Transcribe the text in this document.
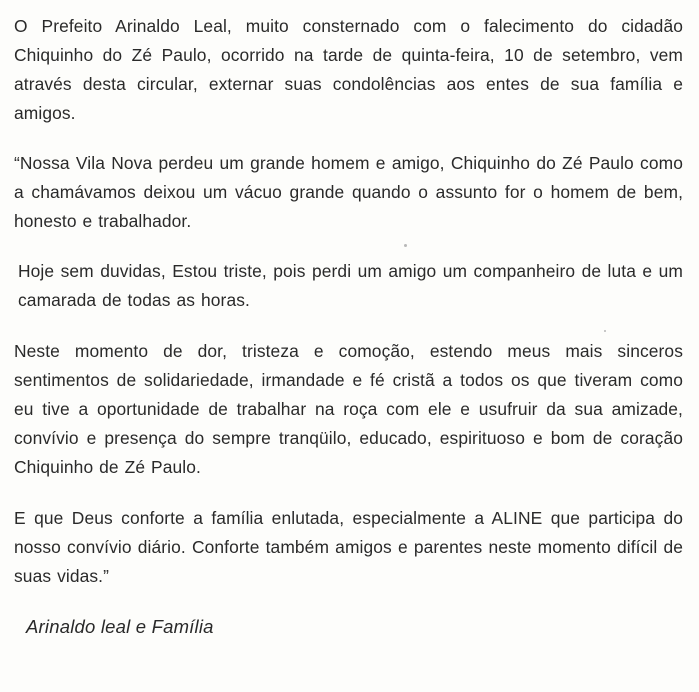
O Prefeito Arinaldo Leal, muito consternado com o falecimento do cidadão Chiquinho do Zé Paulo, ocorrido na tarde de quinta-feira, 10 de setembro, vem através desta circular, externar suas condolências aos entes de sua família e amigos.

“Nossa Vila Nova perdeu um grande homem e amigo, Chiquinho do Zé Paulo como a chamávamos deixou um vácuo grande quando o assunto for o homem de bem, honesto e trabalhador.

Hoje sem duvidas, Estou triste, pois perdi um amigo um companheiro de luta e um camarada de todas as horas.

Neste momento de dor, tristeza e comoção, estendo meus mais sinceros sentimentos de solidariedade, irmandade e fé cristã a todos os que tiveram como eu tive a oportunidade de trabalhar na roça com ele e usufruir da sua amizade, convívio e presença do sempre tranqüilo, educado, espirituoso e bom de coração Chiquinho de Zé Paulo.

E que Deus conforte a família enlutada, especialmente a ALINE que participa do nosso convívio diário. Conforte também amigos e parentes neste momento difícil de suas vidas.”

Arinaldo leal e Família
